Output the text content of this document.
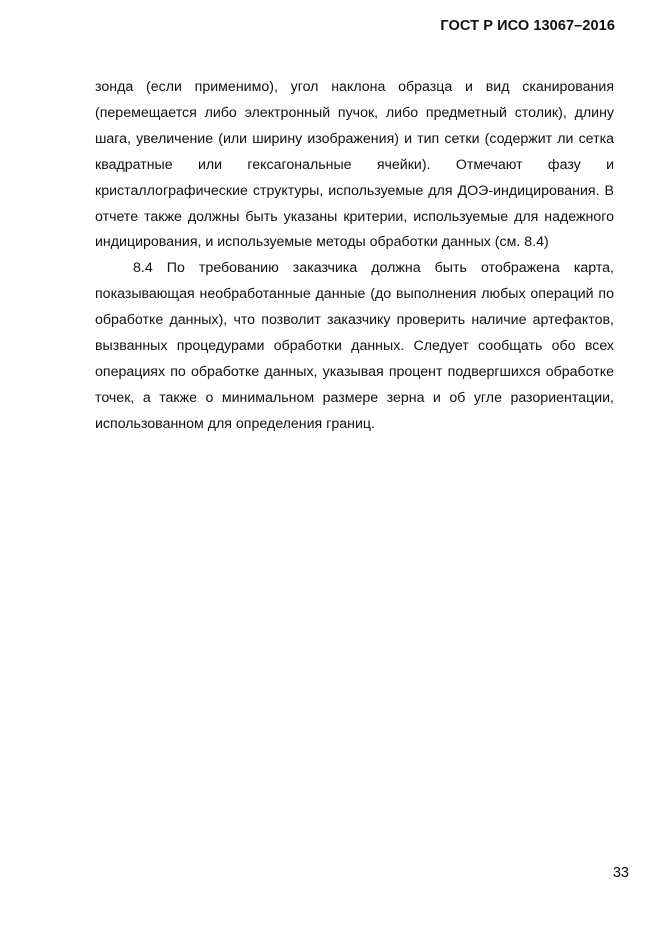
ГОСТ Р ИСО 13067–2016

зонда (если применимо), угол наклона образца и вид сканирования (перемещается либо электронный пучок, либо предметный столик), длину шага, увеличение (или ширину изображения) и тип сетки (содержит ли сетка квадратные или гексагональные ячейки). Отмечают фазу и кристаллографические структуры, используемые для ДОЭ-индицирования. В отчете также должны быть указаны критерии, используемые для надежного индицирования, и используемые методы обработки данных (см. 8.4)

8.4 По требованию заказчика должна быть отображена карта, показывающая необработанные данные (до выполнения любых операций по обработке данных), что позволит заказчику проверить наличие артефактов, вызванных процедурами обработки данных. Следует сообщать обо всех операциях по обработке данных, указывая процент подвергшихся обработке точек, а также о минимальном размере зерна и об угле разориентации, использованном для определения границ.

33
